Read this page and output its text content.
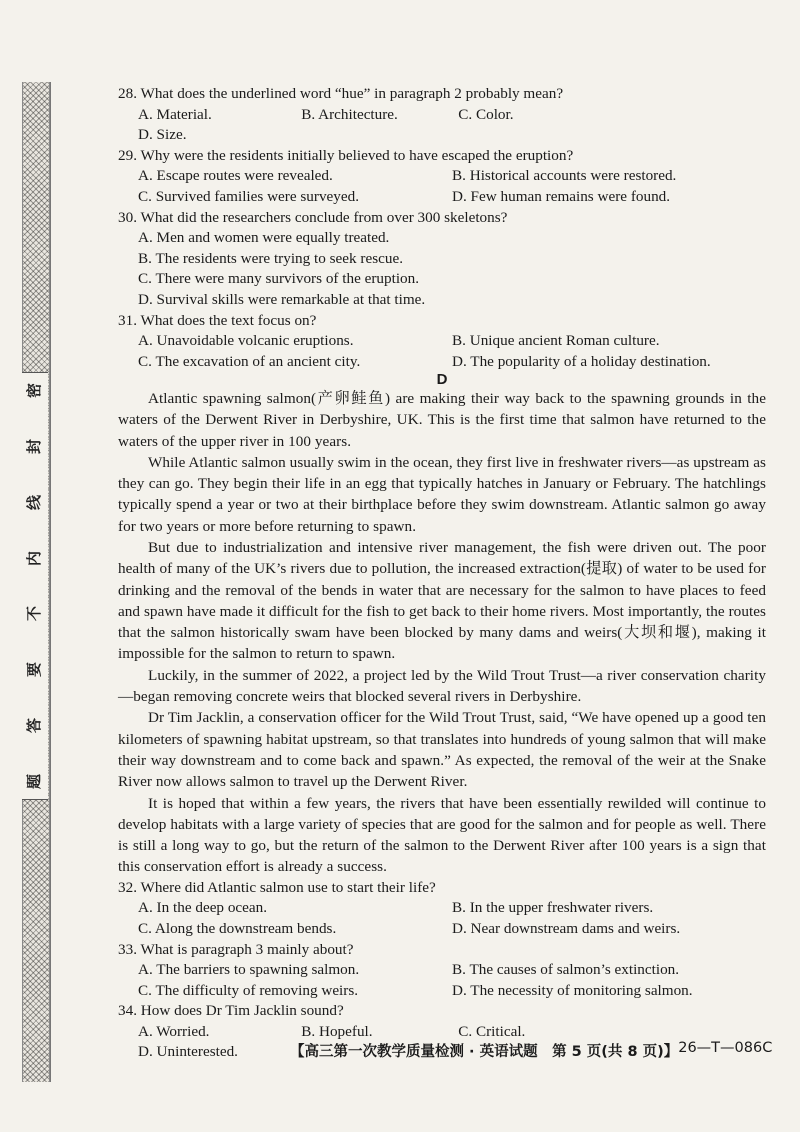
密
封
线
内
不
要
答
题
28. What does the underlined word “hue” in paragraph 2 probably mean?
A. Material.	B. Architecture.	C. Color.
D. Size.
29. Why were the residents initially believed to have escaped the eruption?
A. Escape routes were revealed.	B. Historical accounts were restored.
C. Survived families were surveyed.	D. Few human remains were found.
30. What did the researchers conclude from over 300 skeletons?
A. Men and women were equally treated.
B. The residents were trying to seek rescue.
C. There were many survivors of the eruption.
D. Survival skills were remarkable at that time.
31. What does the text focus on?
A. Unavoidable volcanic eruptions.	B. Unique ancient Roman culture.
C. The excavation of an ancient city.	D. The popularity of a holiday destination.
D

Atlantic spawning salmon(产卵鲑鱼) are making their way back to the spawning grounds in the waters of the Derwent River in Derbyshire, UK. This is the first time that salmon have returned to the waters of the upper river in 100 years.

While Atlantic salmon usually swim in the ocean, they first live in freshwater rivers—as upstream as they can go. They begin their life in an egg that typically hatches in January or February. The hatchlings typically spend a year or two at their birthplace before they swim downstream. Atlantic salmon go away for two years or more before returning to spawn.

But due to industrialization and intensive river management, the fish were driven out. The poor health of many of the UK’s rivers due to pollution, the increased extraction(提取) of water to be used for drinking and the removal of the bends in water that are necessary for the salmon to have places to feed and spawn have made it difficult for the fish to get back to their home rivers. Most importantly, the routes that the salmon historically swam have been blocked by many dams and weirs(大坝和堰), making it impossible for the salmon to return to spawn.

Luckily, in the summer of 2022, a project led by the Wild Trout Trust—a river conservation charity—began removing concrete weirs that blocked several rivers in Derbyshire.

Dr Tim Jacklin, a conservation officer for the Wild Trout Trust, said, “We have opened up a good ten kilometers of spawning habitat upstream, so that translates into hundreds of young salmon that will make their way downstream and to come back and spawn.” As expected, the removal of the weir at the Snake River now allows salmon to travel up the Derwent River.

It is hoped that within a few years, the rivers that have been essentially rewilded will continue to develop habitats with a large variety of species that are good for the salmon and for people as well. There is still a long way to go, but the return of the salmon to the Derwent River after 100 years is a sign that this conservation effort is already a success.

32. Where did Atlantic salmon use to start their life?
A. In the deep ocean.	B. In the upper freshwater rivers.
C. Along the downstream bends.	D. Near downstream dams and weirs.
33. What is paragraph 3 mainly about?
A. The barriers to spawning salmon.	B. The causes of salmon’s extinction.
C. The difficulty of removing weirs.	D. The necessity of monitoring salmon.
34. How does Dr Tim Jacklin sound?
A. Worried.	B. Hopeful.	C. Critical.
D. Uninterested.	【高三第一次教学质量检测 · 英语试题　第 5 页(共 8 页)】 26—T—086C
